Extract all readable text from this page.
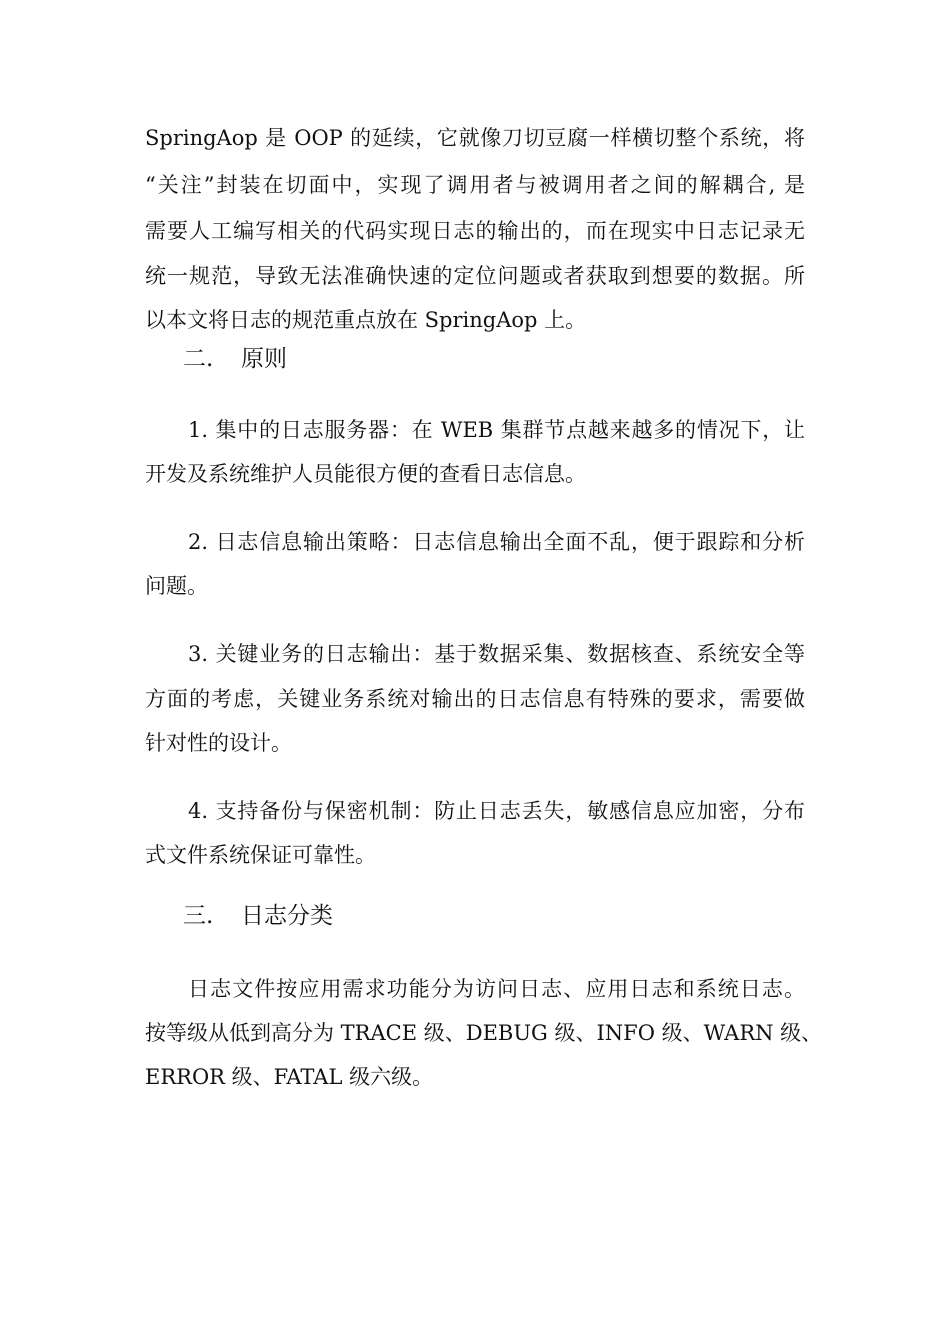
SpringAop 是 OOP 的延续，它就像刀切豆腐一样横切整个系统，将
“关注”封装在切面中，实现了调用者与被调用者之间的解耦合, 是
需要人工编写相关的代码实现日志的输出的，而在现实中日志记录无
统一规范，导致无法准确快速的定位问题或者获取到想要的数据。所
以本文将日志的规范重点放在 SpringAop 上。
二. 原则
1. 集中的日志服务器：在 WEB 集群节点越来越多的情况下，让
开发及系统维护人员能很方便的查看日志信息。
2. 日志信息输出策略：日志信息输出全面不乱，便于跟踪和分析
问题。
3. 关键业务的日志输出：基于数据采集、数据核查、系统安全等
方面的考虑，关键业务系统对输出的日志信息有特殊的要求，需要做
针对性的设计。
4. 支持备份与保密机制：防止日志丢失，敏感信息应加密，分布
式文件系统保证可靠性。
三. 日志分类
日志文件按应用需求功能分为访问日志、应用日志和系统日志。
按等级从低到高分为 TRACE 级、DEBUG 级、INFO 级、WARN 级、
ERROR 级、FATAL 级六级。
